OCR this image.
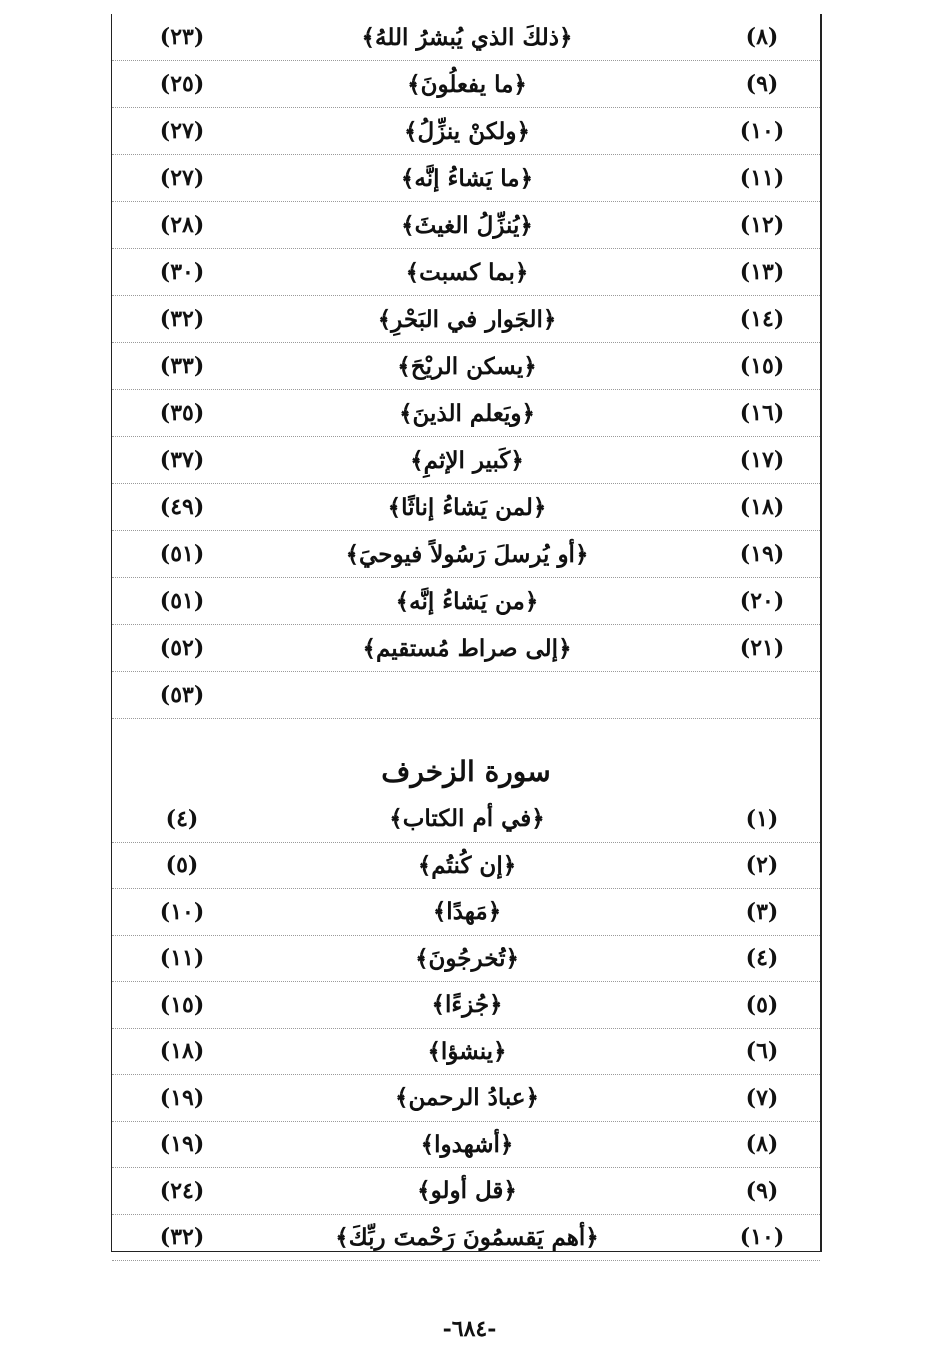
(٢٣)	﴿ذلكَ الذي يُبشرُ اللهُ﴾	(٨)
(٢٥)	﴿ما يفعلُونَ﴾	(٩)
(٢٧)	﴿ولكنْ ينزِّلُ﴾	(١٠)
(٢٧)	﴿ما يَشاءُ إنَّه﴾	(١١)
(٢٨)	﴿يُنزِّلُ الغيثَ﴾	(١٢)
(٣٠)	﴿بما كسبت﴾	(١٣)
(٣٢)	﴿الجَوار في البَحْرِ﴾	(١٤)
(٣٣)	﴿يسكن الريْحَ﴾	(١٥)
(٣٥)	﴿ويَعلم الذينَ﴾	(١٦)
(٣٧)	﴿كَبير الإثمِ﴾	(١٧)
(٤٩)	﴿لمن يَشاءُ إناثًا﴾	(١٨)
(٥١)	﴿أو يُرسلَ رَسُولاً فيوحيَ﴾	(١٩)
(٥١)	﴿من يَشاءُ إنَّه﴾	(٢٠)
(٥٢)	﴿إلى صراط مُستقيم﴾	(٢١)
(٥٣)
سورة الزخرف
(٤)	﴿في أم الكتاب﴾	(١)
(٥)	﴿إن كُنتُم﴾	(٢)
(١٠)	﴿مَهدًا﴾	(٣)
(١١)	﴿تُخرجُونَ﴾	(٤)
(١٥)	﴿جُزءًا﴾	(٥)
(١٨)	﴿ينشؤا﴾	(٦)
(١٩)	﴿عبادُ الرحمن﴾	(٧)
(١٩)	﴿أشهدوا﴾	(٨)
(٢٤)	﴿قل أولو﴾	(٩)
(٣٢)	﴿أهم يَقسمُونَ رَحْمتَ ربِّكَ﴾	(١٠)
-٦٨٤-
